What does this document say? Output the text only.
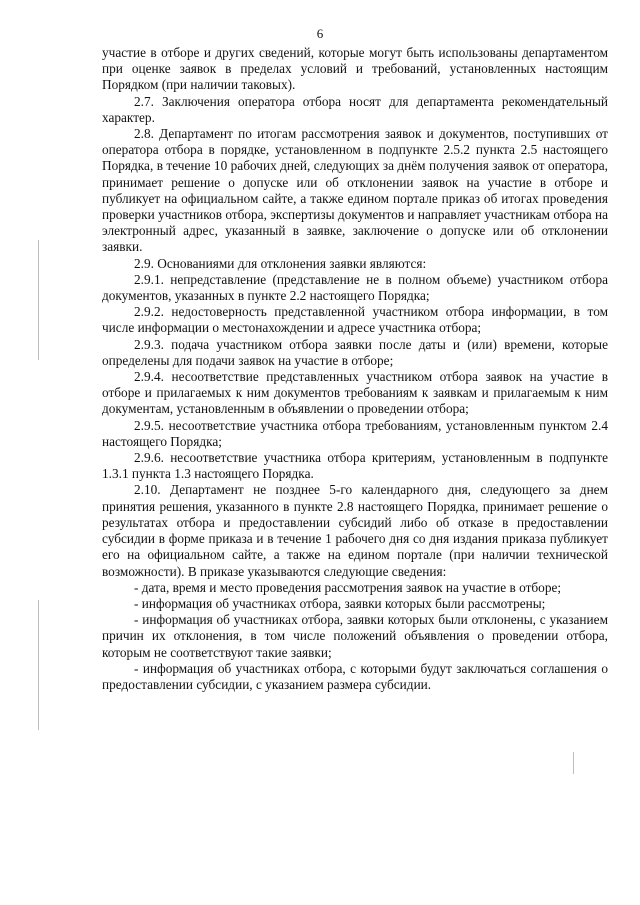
6

участие в отборе и других сведений, которые могут быть использованы департаментом при оценке заявок в пределах условий и требований, установленных настоящим Порядком (при наличии таковых).

2.7. Заключения оператора отбора носят для департамента рекомендательный характер.

2.8. Департамент по итогам рассмотрения заявок и документов, поступивших от оператора отбора в порядке, установленном в подпункте 2.5.2 пункта 2.5 настоящего Порядка, в течение 10 рабочих дней, следующих за днём получения заявок от оператора, принимает решение о допуске или об отклонении заявок на участие в отборе и публикует на официальном сайте, а также едином портале приказ об итогах проведения проверки участников отбора, экспертизы документов и направляет участникам отбора на электронный адрес, указанный в заявке, заключение о допуске или об отклонении заявки.

2.9. Основаниями для отклонения заявки являются:

2.9.1. непредставление (представление не в полном объеме) участником отбора документов, указанных в пункте 2.2 настоящего Порядка;

2.9.2. недостоверность представленной участником отбора информации, в том числе информации о местонахождении и адресе участника отбора;

2.9.3. подача участником отбора заявки после даты и (или) времени, которые определены для подачи заявок на участие в отборе;

2.9.4. несоответствие представленных участником отбора заявок на участие в отборе и прилагаемых к ним документов требованиям к заявкам и прилагаемым к ним документам, установленным в объявлении о проведении отбора;

2.9.5. несоответствие участника отбора требованиям, установленным пунктом 2.4 настоящего Порядка;

2.9.6. несоответствие участника отбора критериям, установленным в подпункте 1.3.1 пункта 1.3 настоящего Порядка.

2.10. Департамент не позднее 5-го календарного дня, следующего за днем принятия решения, указанного в пункте 2.8 настоящего Порядка, принимает решение о результатах отбора и предоставлении субсидий либо об отказе в предоставлении субсидии в форме приказа и в течение 1 рабочего дня со дня издания приказа публикует его на официальном сайте, а также на едином портале (при наличии технической возможности). В приказе указываются следующие сведения:

- дата, время и место проведения рассмотрения заявок на участие в отборе;

- информация об участниках отбора, заявки которых были рассмотрены;

- информация об участниках отбора, заявки которых были отклонены, с указанием причин их отклонения, в том числе положений объявления о проведении отбора, которым не соответствуют такие заявки;

- информация об участниках отбора, с которыми будут заключаться соглашения о предоставлении субсидии, с указанием размера субсидии.
